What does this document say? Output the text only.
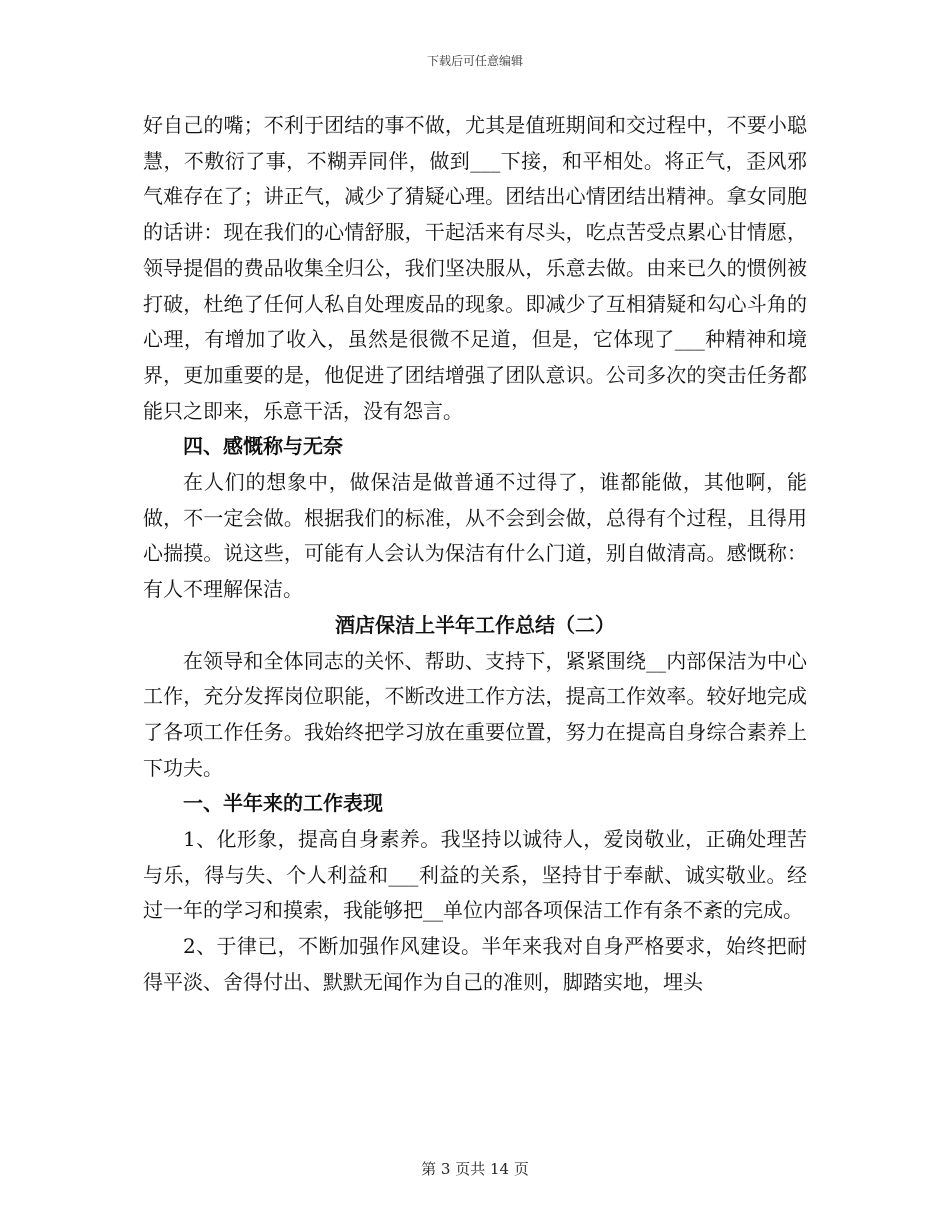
下载后可任意编辑

好自己的嘴；不利于团结的事不做，尤其是值班期间和交过程中，不要小聪慧，不敷衍了事，不糊弄同伴，做到___下接，和平相处。将正气，歪风邪气难存在了；讲正气，减少了猜疑心理。团结出心情团结出精神。拿女同胞的话讲：现在我们的心情舒服，干起活来有尽头，吃点苦受点累心甘情愿，领导提倡的费品收集全归公，我们坚决服从，乐意去做。由来已久的惯例被打破，杜绝了任何人私自处理废品的现象。即减少了互相猜疑和勾心斗角的心理，有增加了收入，虽然是很微不足道，但是，它体现了___种精神和境界，更加重要的是，他促进了团结增强了团队意识。公司多次的突击任务都能只之即来，乐意干活，没有怨言。

四、感慨称与无奈

在人们的想象中，做保洁是做普通不过得了，谁都能做，其他啊，能做，不一定会做。根据我们的标准，从不会到会做，总得有个过程，且得用心揣摸。说这些，可能有人会认为保洁有什么门道，别自做清高。感慨称：有人不理解保洁。

酒店保洁上半年工作总结（二）

在领导和全体同志的关怀、帮助、支持下，紧紧围绕__内部保洁为中心工作，充分发挥岗位职能，不断改进工作方法，提高工作效率。较好地完成了各项工作任务。我始终把学习放在重要位置，努力在提高自身综合素养上下功夫。

一、半年来的工作表现

1、化形象，提高自身素养。我坚持以诚待人，爱岗敬业，正确处理苦与乐，得与失、个人利益和___利益的关系，坚持甘于奉献、诚实敬业。经过一年的学习和摸索，我能够把__单位内部各项保洁工作有条不紊的完成。

2、于律已，不断加强作风建设。半年来我对自身严格要求，始终把耐得平淡、舍得付出、默默无闻作为自己的准则，脚踏实地，埋头

第 3 页共 14 页
